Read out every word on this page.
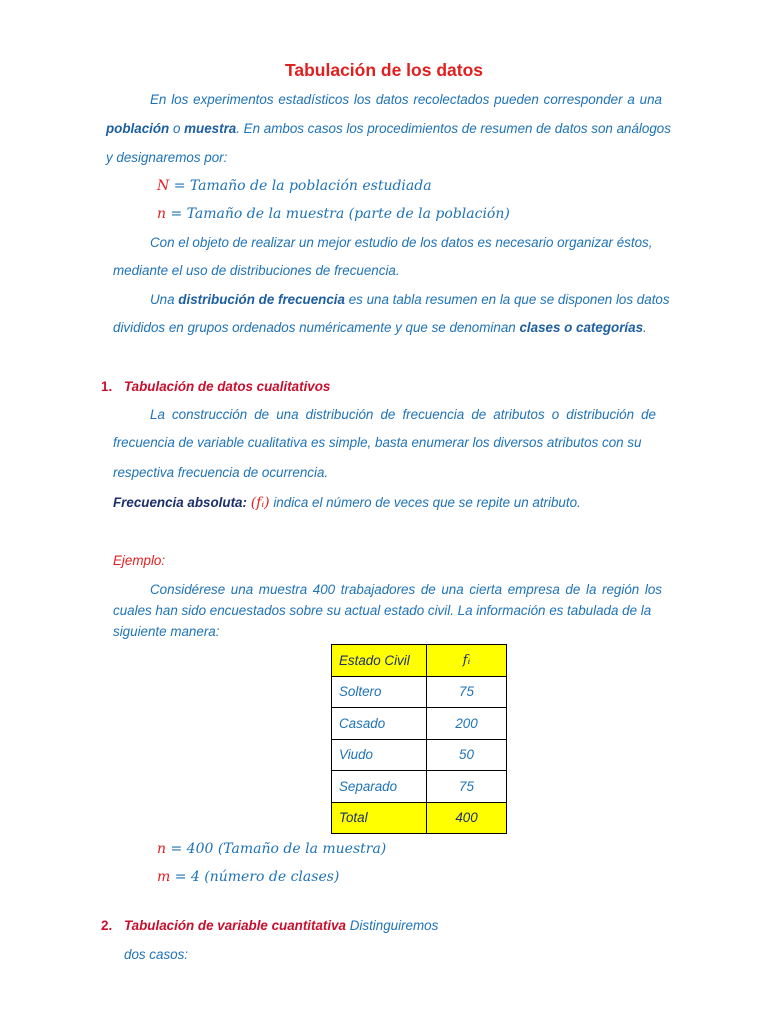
Tabulación de los datos
En los experimentos estadísticos los datos recolectados pueden corresponder a una
población o muestra. En ambos casos los procedimientos de resumen de datos son análogos
y designaremos por:
N = Tamaño de la población estudiada
n = Tamaño de la muestra (parte de la población)
Con el objeto de realizar un mejor estudio de los datos es necesario organizar éstos,
mediante el uso de distribuciones de frecuencia.
Una distribución de frecuencia es una tabla resumen en la que se disponen los datos
divididos en grupos ordenados numéricamente y que se denominan clases o categorías.
1. Tabulación de datos cualitativos
La construcción de una distribución de frecuencia de atributos o distribución de
frecuencia de variable cualitativa es simple, basta enumerar los diversos atributos con su
respectiva frecuencia de ocurrencia.
Frecuencia absoluta: (fᵢ) indica el número de veces que se repite un atributo.
Ejemplo:
Considérese una muestra 400 trabajadores de una cierta empresa de la región los
cuales han sido encuestados sobre su actual estado civil. La información es tabulada de la
siguiente manera:
Estado Civil	fᵢ
Soltero	75
Casado	200
Viudo	50
Separado	75
Total	400
n = 400 (Tamaño de la muestra)
m = 4 (número de clases)
2. Tabulación de variable cuantitativa Distinguiremos
dos casos:
